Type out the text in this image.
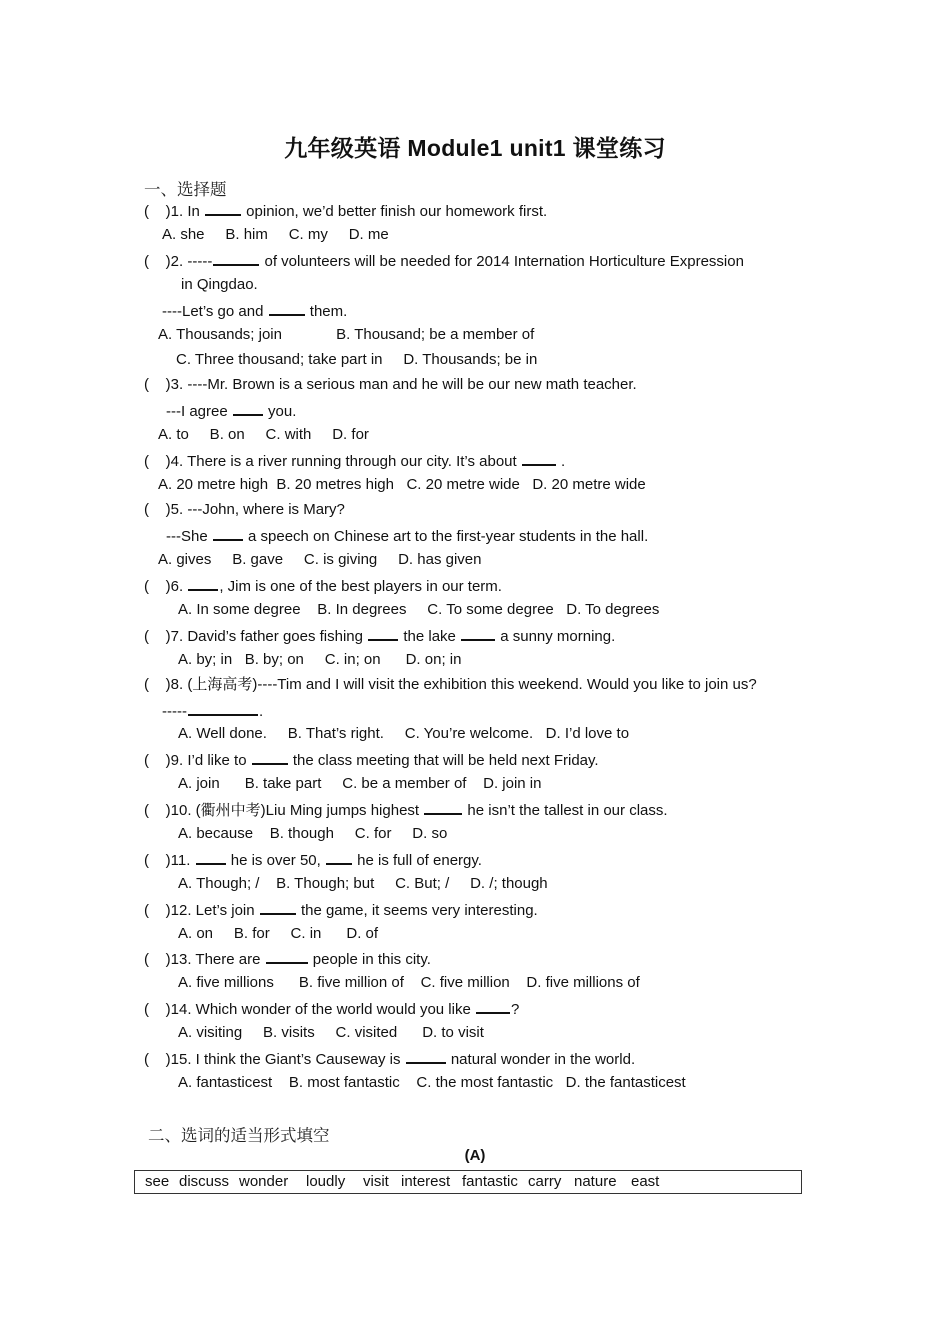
九年级英语 Module1 unit1 课堂练习
一、选择题
(    )1. In	opinion, we’d better finish our homework first.
A. she     B. him     C. my     D. me
(    )2. -----	of volunteers will be needed for 2014 Internation Horticulture Expression
in Qingdao.
----Let’s go and	them.
A. Thousands; join             B. Thousand; be a member of
C. Three thousand; take part in     D. Thousands; be in
(    )3. ----Mr. Brown is a serious man and he will be our new math teacher.
---I agree  you.
A. to     B. on     C. with     D. for
(    )4. There is a river running through our city. It’s about  .
A. 20 metre high  B. 20 metres high   C. 20 metre wide   D. 20 metre wide
(    )5. ---John, where is Mary?
---She  a speech on Chinese art to the first-year students in the hall.
A. gives     B. gave     C. is giving     D. has given
(    )6. , Jim is one of the best players in our term.
A. In some degree    B. In degrees     C. To some degree   D. To degrees
(    )7. David’s father goes fishing  the lake  a sunny morning.
A. by; in   B. by; on     C. in; on      D. on; in
(    )8. (上海高考)----Tim and I will visit the exhibition this weekend. Would you like to join us?
-----	.
A. Well done.     B. That’s right.     C. You’re welcome.   D. I’d love to
(    )9. I’d like to	the class meeting that will be held next Friday.
A. join      B. take part     C. be a member of    D. join in
(    )10. (衢州中考)Liu Ming jumps highest	he isn’t the tallest in our class.
A. because    B. though     C. for     D. so
(    )11.  he is over 50,  he is full of energy.
A. Though; /    B. Though; but     C. But; /     D. /; though
(    )12. Let’s join	the game, it seems very interesting.
A. on     B. for     C. in      D. of
(    )13. There are	people in this city.
A. five millions      B. five million of    C. five million    D. five millions of
(    )14. Which wonder of the world would you like ?
A. visiting     B. visits     C. visited      D. to visit
(    )15. I think the Giant’s Causeway is	natural wonder in the world.
A. fantasticest    B. most fantastic    C. the most fantastic   D. the fantasticest
二、选词的适当形式填空
(A)
see discuss wonder loudly visit interest fantastic carry nature east
